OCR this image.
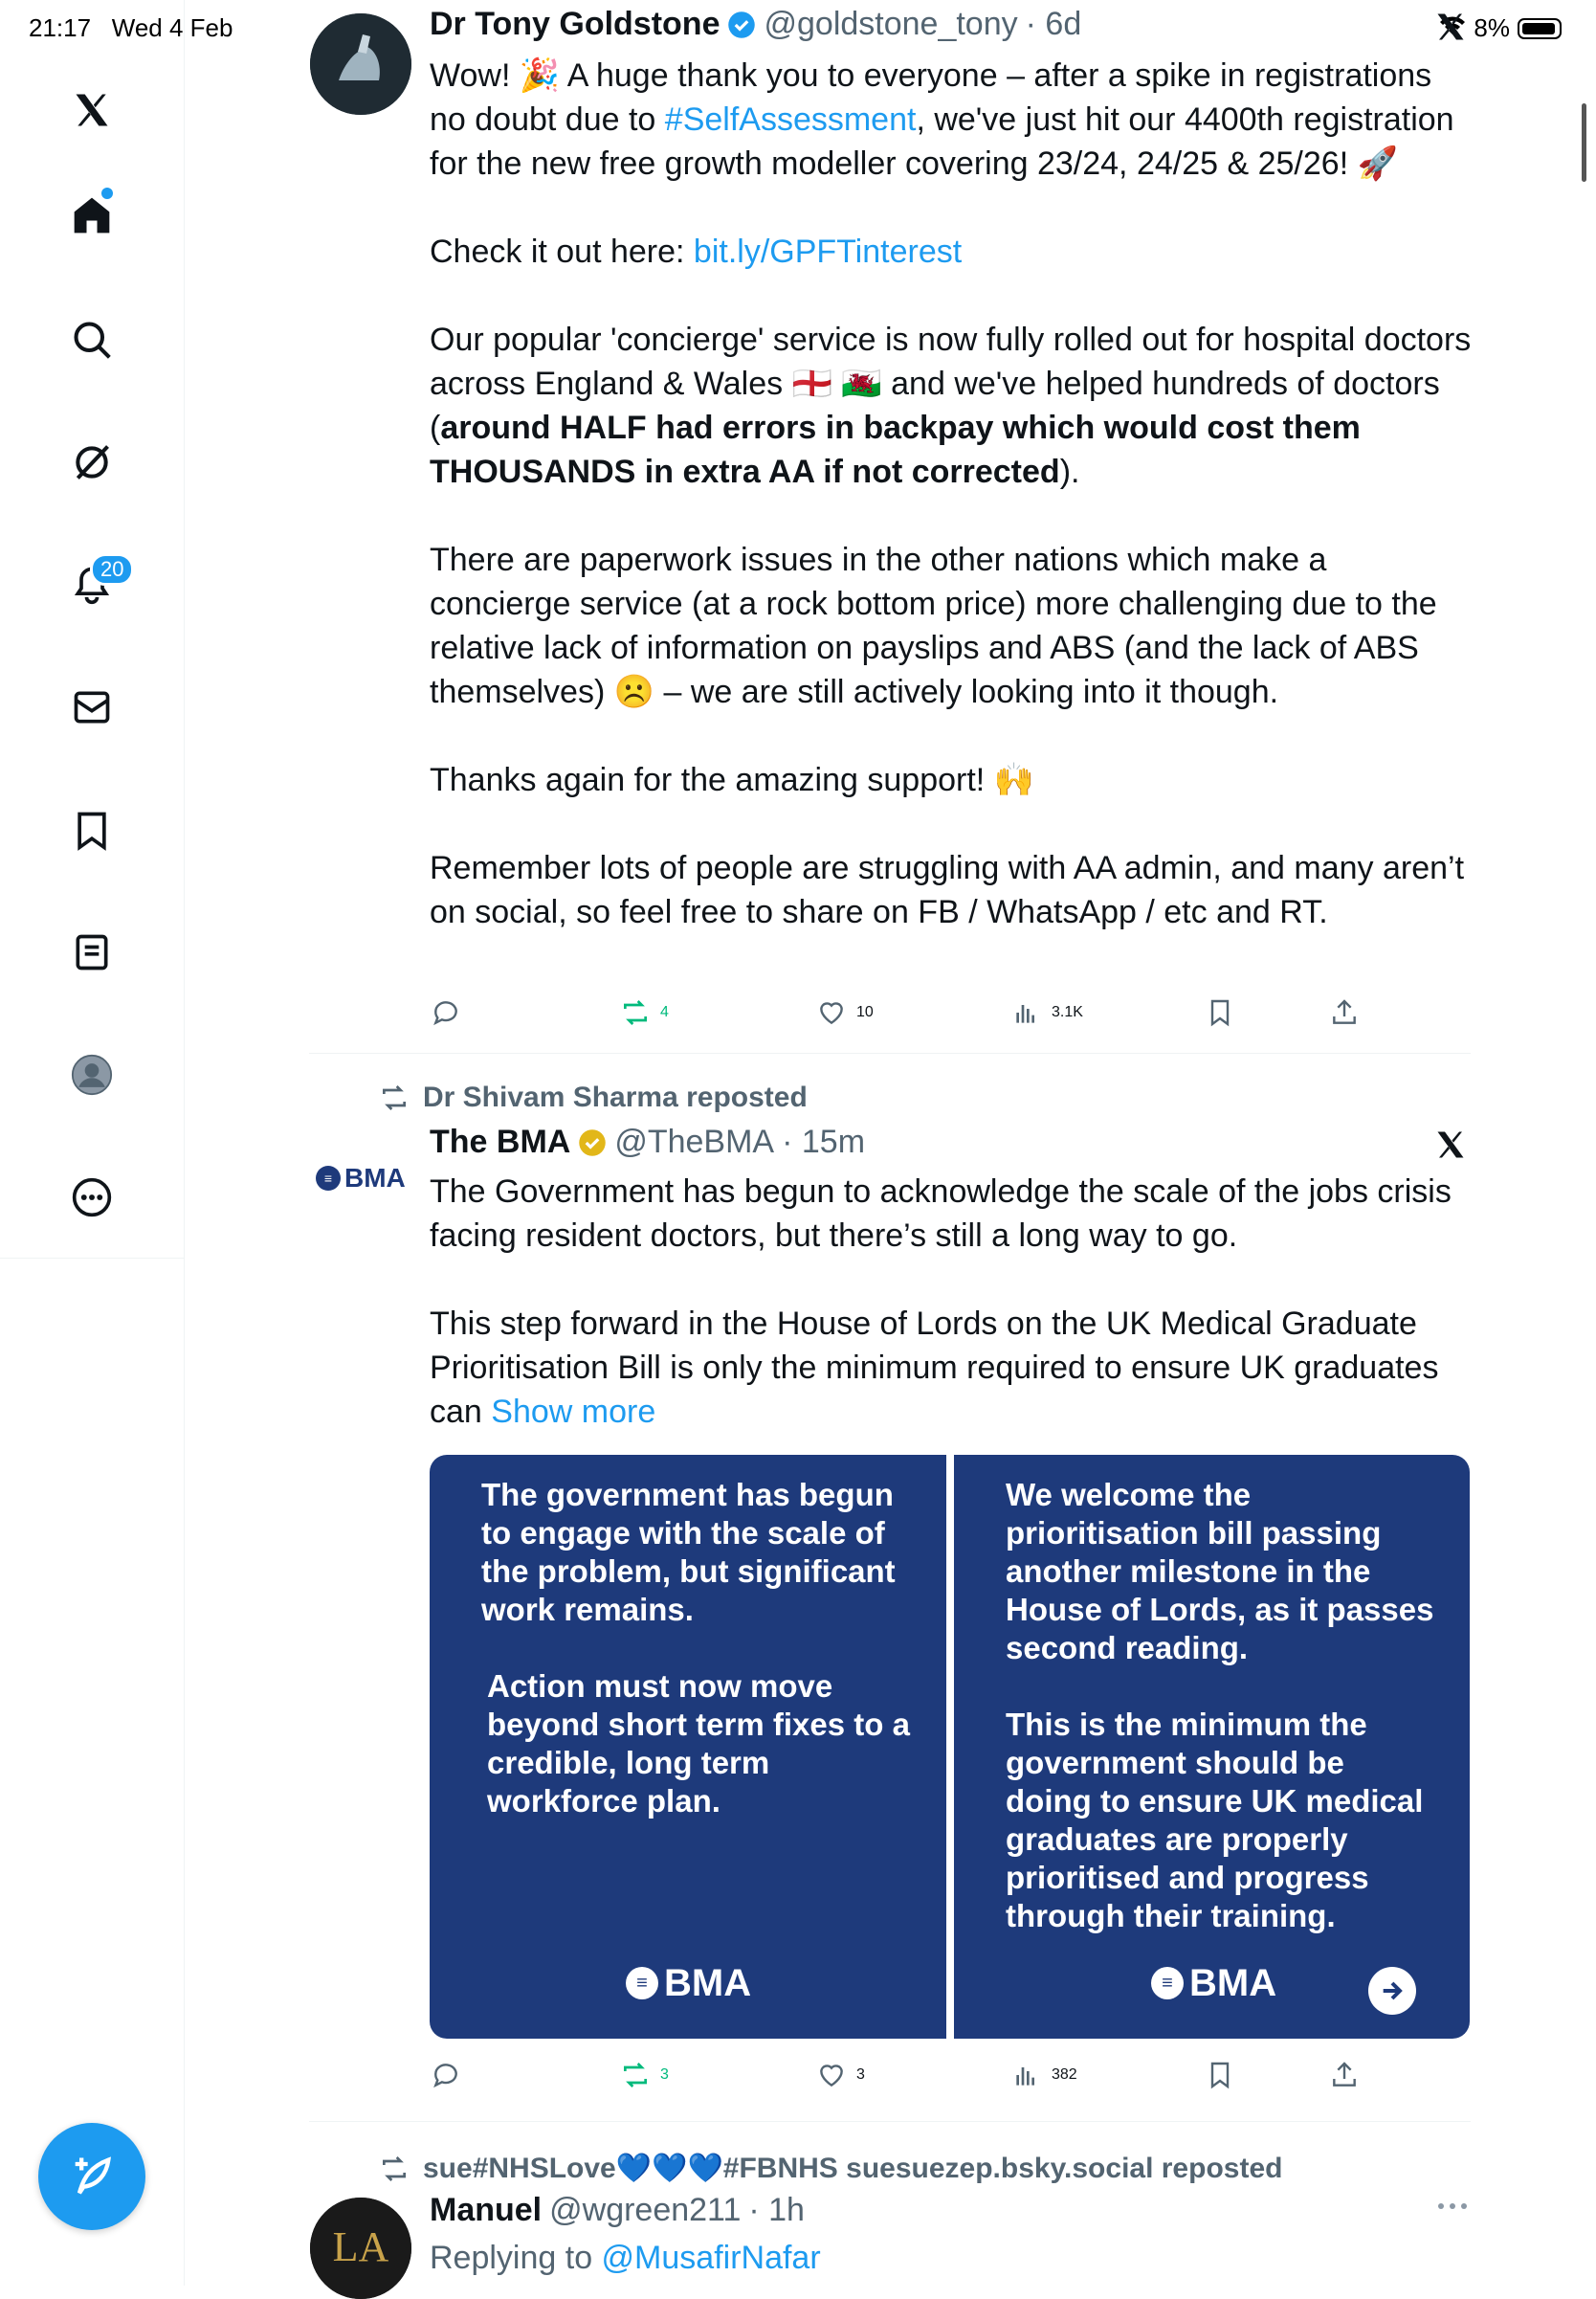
21:17 Wed 4 Feb	8%
20
Dr Tony Goldstone @goldstone_tony · 6d
Wow! 🎉 A huge thank you to everyone – after a spike in registrations no doubt due to #SelfAssessment, we've just hit our 4400th registration for the new free growth modeller covering 23/24, 24/25 & 25/26! 🚀
Check it out here: bit.ly/GPFTinterest
Our popular 'concierge' service is now fully rolled out for hospital doctors across England & Wales 🏴󠁧󠁢󠁥󠁮󠁧󠁿 🏴󠁧󠁢󠁷󠁬󠁳󠁿 and we've helped hundreds of doctors (around HALF had errors in backpay which would cost them THOUSANDS in extra AA if not corrected).
There are paperwork issues in the other nations which make a concierge service (at a rock bottom price) more challenging due to the relative lack of information on payslips and ABS (and the lack of ABS themselves) ☹️ – we are still actively looking into it though.
Thanks again for the amazing support! 🙌
Remember lots of people are struggling with AA admin, and many aren’t on social, so feel free to share on FB / WhatsApp / etc and RT.
4	10	3.1K
Dr Shivam Sharma reposted
≡ BMA
The BMA @TheBMA · 15m
The Government has begun to acknowledge the scale of the jobs crisis facing resident doctors, but there’s still a long way to go.
This step forward in the House of Lords on the UK Medical Graduate Prioritisation Bill is only the minimum required to ensure UK graduates can Show more
The government has begun to engage with the scale of the problem, but significant work remains.
Action must now move beyond short term fixes to a credible, long term workforce plan.
≡ BMA
We welcome the prioritisation bill passing another milestone in the House of Lords, as it passes second reading.
This is the minimum the government should be doing to ensure UK medical graduates are properly prioritised and progress through their training.
≡ BMA
3	3	382
sue#NHSLove💙💙💙#FBNHS suesuezep.bsky.social reposted
LA
Manuel @wgreen211 · 1h
Replying to @MusafirNafar
